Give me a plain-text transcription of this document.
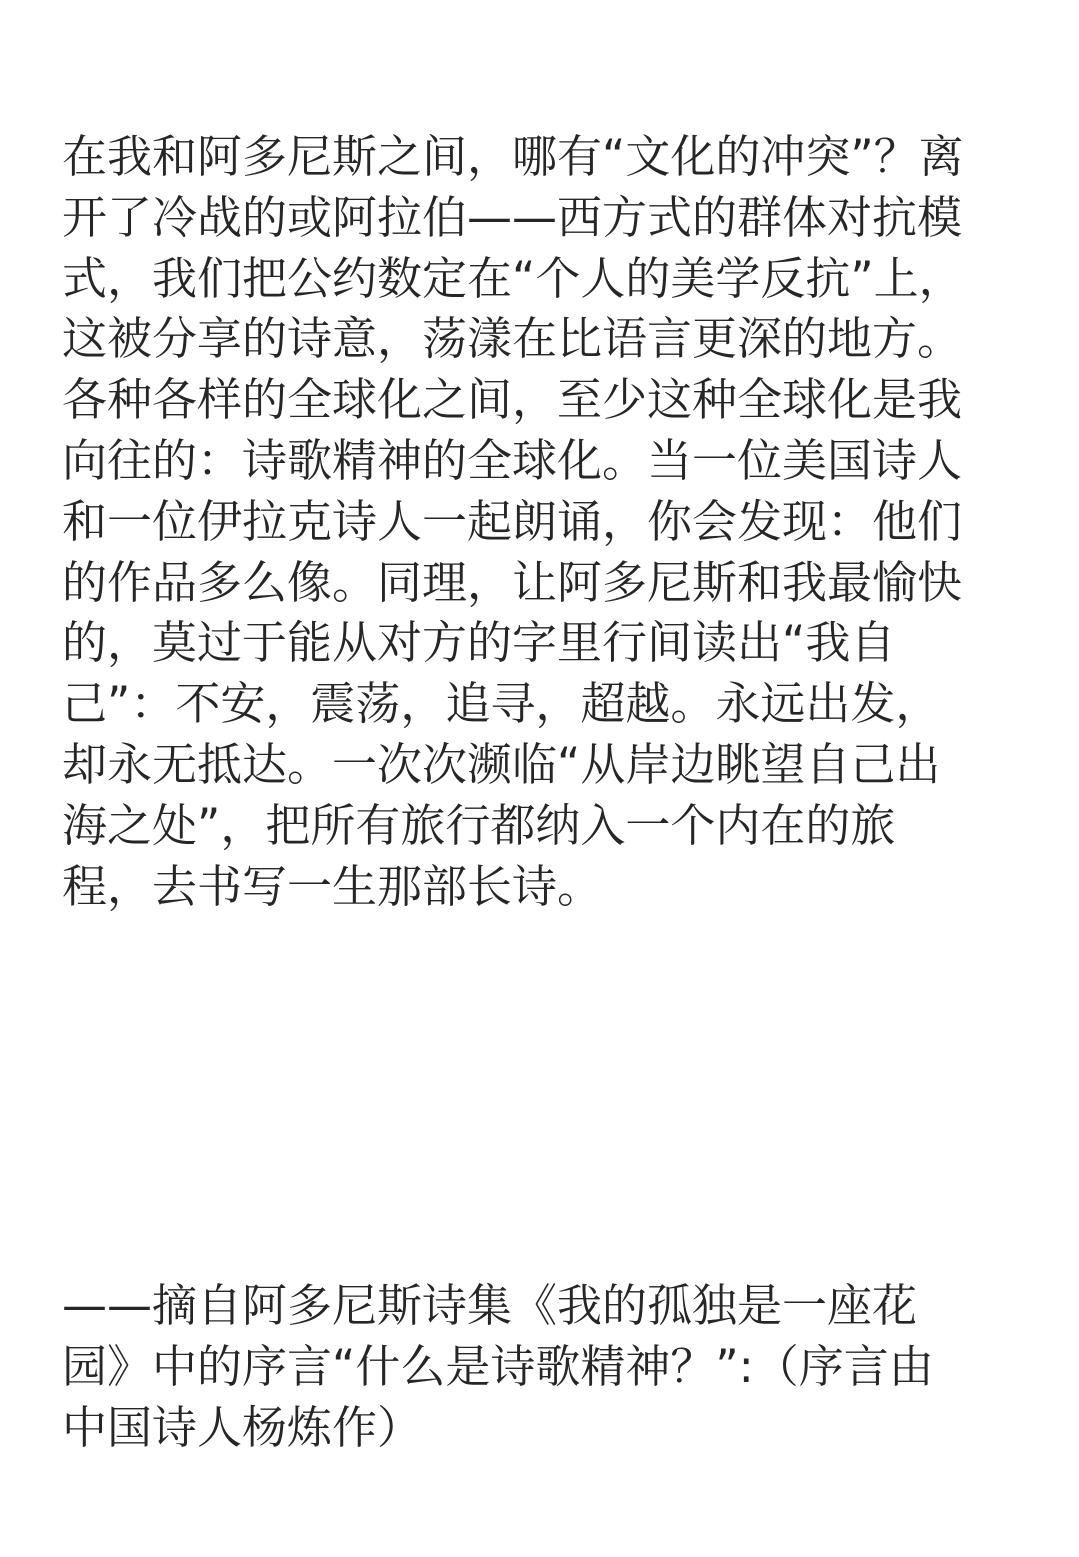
在我和阿多尼斯之间，哪有“文化的冲突”？离
开了冷战的或阿拉伯——西方式的群体对抗模
式，我们把公约数定在“个人的美学反抗”上，
这被分享的诗意，荡漾在比语言更深的地方。
各种各样的全球化之间，至少这种全球化是我
向往的：诗歌精神的全球化。当一位美国诗人
和一位伊拉克诗人一起朗诵，你会发现：他们
的作品多么像。同理，让阿多尼斯和我最愉快
的，莫过于能从对方的字里行间读出“我自
己”：不安，震荡，追寻，超越。永远出发，
却永无抵达。一次次濒临“从岸边眺望自己出
海之处”，把所有旅行都纳入一个内在的旅
程，去书写一生那部长诗。
——摘自阿多尼斯诗集《我的孤独是一座花
园》中的序言“什么是诗歌精神？”:（序言由
中国诗人杨炼作）
